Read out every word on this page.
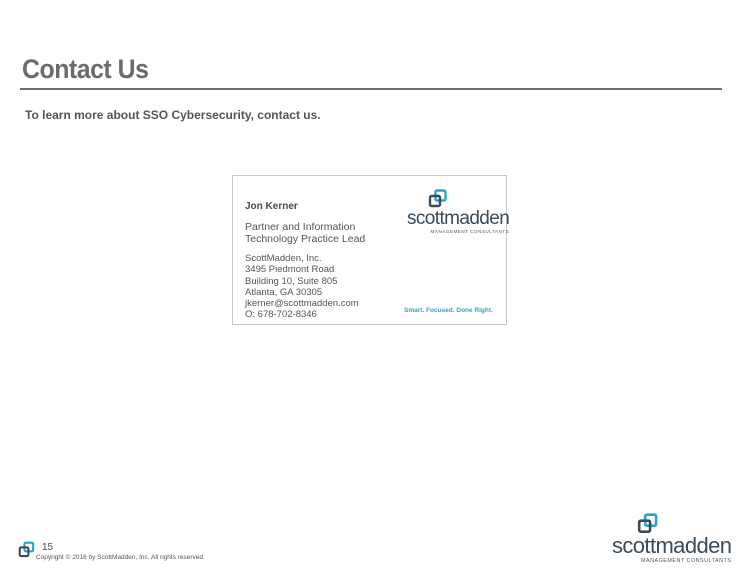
Contact Us

To learn more about SSO Cybersecurity, contact us.

Jon Kerner
Partner and Information
Technology Practice Lead
ScottMadden, Inc.
3495 Piedmont Road
Building 10, Suite 805
Atlanta, GA 30305
jkerner@scottmadden.com
O: 678-702-8346
scottmadden
MANAGEMENT CONSULTANTS
Smart. Focused. Done Right.
15
Copyright © 2016 by ScottMadden, Inc. All rights reserved.	scottmadden
MANAGEMENT CONSULTANTS
